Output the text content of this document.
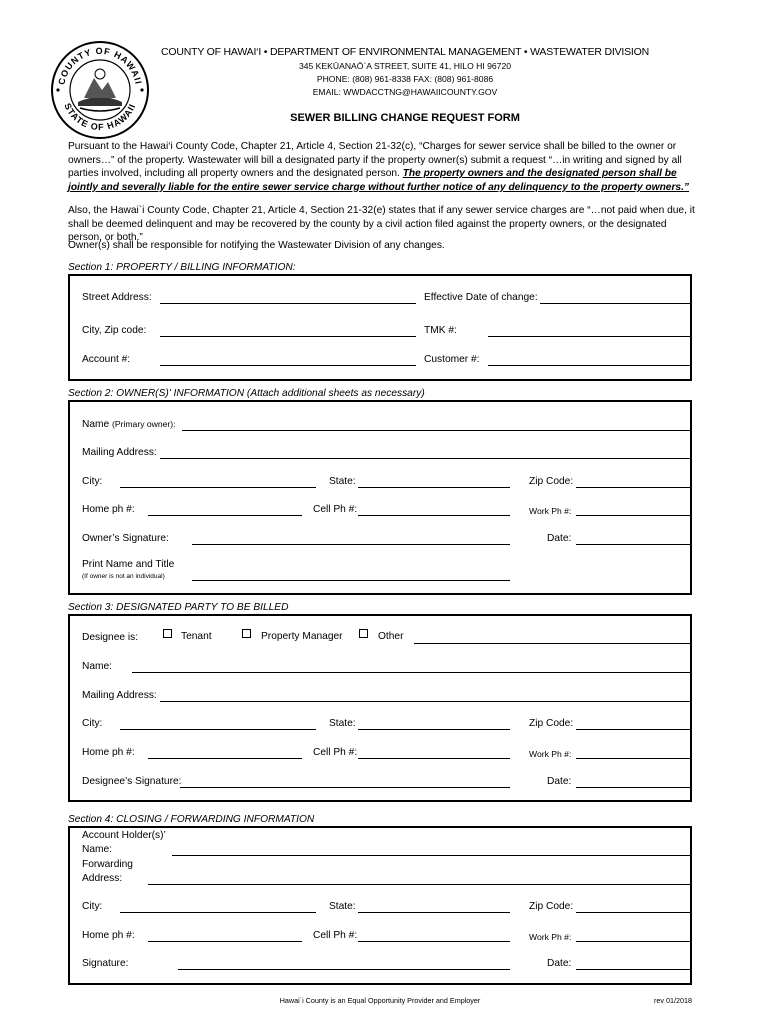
COUNTY OF HAWAII
STATE OF HAWAII
COUNTY OF HAWAI‘I • DEPARTMENT OF ENVIRONMENTAL MANAGEMENT • WASTEWATER DIVISION
345 KEKŪANAŌ`A STREET, SUITE 41, HILO HI 96720
PHONE: (808) 961-8338 FAX: (808) 961-8086
EMAIL: WWDACCTNG@HAWAIICOUNTY.GOV
SEWER BILLING CHANGE REQUEST FORM
Pursuant to the Hawai‘i County Code, Chapter 21, Article 4, Section 21-32(c), “Charges for sewer service shall be billed to the owner or owners…” of the property. Wastewater will bill a designated party if the property owner(s) submit a request “…in writing and signed by all parties involved, including all property owners and the designated person. The property owners and the designated person shall be jointly and severally liable for the entire sewer service charge without further notice of any delinquency to the property owners.”
Also, the Hawai`i County Code, Chapter 21, Article 4, Section 21-32(e) states that if any sewer service charges are “…not paid when due, it shall be deemed delinquent and may be recovered by the county by a civil action filed against the property owners, or the designated person, or both.”
Owner(s) shall be responsible for notifying the Wastewater Division of any changes.
Section 1: PROPERTY / BILLING INFORMATION:
Street Address:	Effective Date of change:
City, Zip code:	TMK #:
Account #:	Customer #:
Section 2: OWNER(S)' INFORMATION (Attach additional sheets as necessary)
Name (Primary owner):
Mailing Address:
City:	State:	Zip Code:
Home ph #:	Cell Ph #:	Work Ph #:
Owner’s Signature:	Date:
Print Name and Title
(If owner is not an individual)
Section 3: DESIGNATED PARTY TO BE BILLED
Designee is:	Tenant	Property Manager	Other
Name:
Mailing Address:
City:	State:	Zip Code:
Home ph #:	Cell Ph #:	Work Ph #:
Designee’s Signature:	Date:
Section 4: CLOSING / FORWARDING INFORMATION
Account Holder(s)’
Name:
Forwarding
Address:
City:	State:	Zip Code:
Home ph #:	Cell Ph #:	Work Ph #:
Signature:	Date:
Hawai`i County is an Equal Opportunity Provider and Employer	rev 01/2018
